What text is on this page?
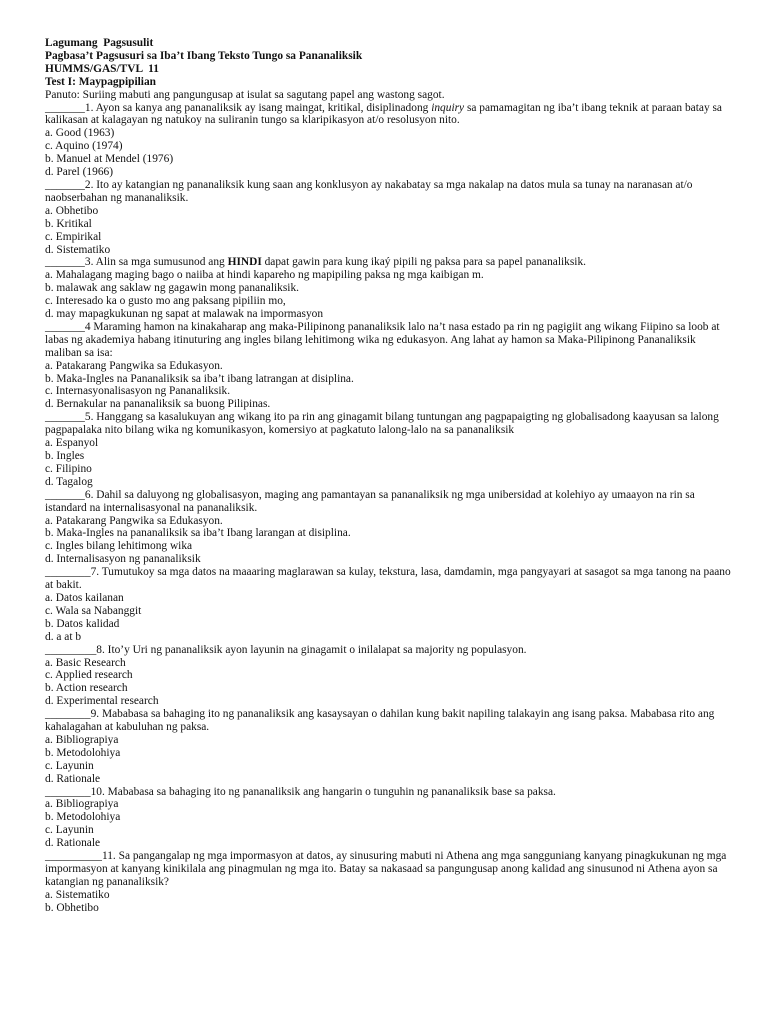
Lagumang  Pagsusulit
Pagbasa’t Pagsusuri sa Iba’t Ibang Teksto Tungo sa Pananaliksik
HUMMS/GAS/TVL  11
Test I: Maypagpipilian
Panuto: Suriing mabuti ang pangungusap at isulat sa sagutang papel ang wastong sagot.
_______1. Ayon sa kanya ang pananaliksik ay isang maingat, kritikal, disiplinadong inquiry sa pamamagitan ng iba’t ibang teknik at paraan batay sa kalikasan at kalagayan ng natukoy na suliranin tungo sa klaripikasyon at/o resolusyon nito.
a. Good (1963)
c. Aquino (1974)
b. Manuel at Mendel (1976)
d. Parel (1966)
_______2. Ito ay katangian ng pananaliksik kung saan ang konklusyon ay nakabatay sa mga nakalap na datos mula sa tunay na naranasan at/o naobserbahan ng mananaliksik.
a. Obhetibo
b. Kritikal
c. Empirikal
d. Sistematiko
_______3. Alin sa mga sumusunod ang HINDI dapat gawin para kung ikaý pipili ng paksa para sa papel pananaliksik.
a. Mahalagang maging bago o naiiba at hindi kapareho ng mapipiling paksa ng mga kaibigan m.
b. malawak ang saklaw ng gagawin mong pananaliksik.
c. Interesado ka o gusto mo ang paksang pipiliin mo,
d. may mapagkukunan ng sapat at malawak na impormasyon
_______4 Maraming hamon na kinakaharap ang maka-Pilipinong pananaliksik lalo na’t nasa estado pa rin ng pagigiit ang wikang Fiipino sa loob at labas ng akademiya habang itinuturing ang ingles bilang lehitimong wika ng edukasyon. Ang lahat ay hamon sa Maka-Pilipinong Pananaliksik maliban sa isa:
a. Patakarang Pangwika sa Edukasyon.
b. Maka-Ingles na Pananaliksik sa iba’t ibang latrangan at disiplina.
c. Internasyonalisasyon ng Pananaliksik.
d. Bernakular na pananaliksik sa buong Pilipinas.
_______5. Hanggang sa kasalukuyan ang wikang ito pa rin ang ginagamit bilang tuntungan ang pagpapaigting ng globalisadong kaayusan sa lalong pagpapalaka nito bilang wika ng komunikasyon, komersiyo at pagkatuto lalong-lalo na sa pananaliksik
a. Espanyol
b. Ingles
c. Filipino
d. Tagalog
_______6. Dahil sa daluyong ng globalisasyon, maging ang pamantayan sa pananaliksik ng mga unibersidad at kolehiyo ay umaayon na rin sa istandard na internalisasyonal na pananaliksik.
a. Patakarang Pangwika sa Edukasyon.
b. Maka-Ingles na pananaliksik sa iba’t Ibang larangan at disiplina.
c. Ingles bilang lehitimong wika
d. Internalisasyon ng pananaliksik
________7. Tumutukoy sa mga datos na maaaring maglarawan sa kulay, tekstura, lasa, damdamin, mga pangyayari at sasagot sa mga tanong na paano at bakit.
a. Datos kailanan
c. Wala sa Nabanggit
b. Datos kalidad
d. a at b
_________8. Ito’y Uri ng pananaliksik ayon layunin na ginagamit o inilalapat sa majority ng populasyon.
a. Basic Research
c. Applied research
b. Action research
d. Experimental research
________9. Mababasa sa bahaging ito ng pananaliksik ang kasaysayan o dahilan kung bakit napiling talakayin ang isang paksa. Mababasa rito ang kahalagahan at kabuluhan ng paksa.
a. Bibliograpiya
b. Metodolohiya
c. Layunin
d. Rationale
________10. Mababasa sa bahaging ito ng pananaliksik ang hangarin o tunguhin ng pananaliksik base sa paksa.
a. Bibliograpiya
b. Metodolohiya
c. Layunin
d. Rationale
__________11. Sa pangangalap ng mga impormasyon at datos, ay sinusuring mabuti ni Athena ang mga sangguniang kanyang pinagkukunan ng mga impormasyon at kanyang kinikilala ang pinagmulan ng mga ito. Batay sa nakasaad sa pangungusap anong kalidad ang sinusunod ni Athena ayon sa katangian ng pananaliksik?
a. Sistematiko
b. Obhetibo
